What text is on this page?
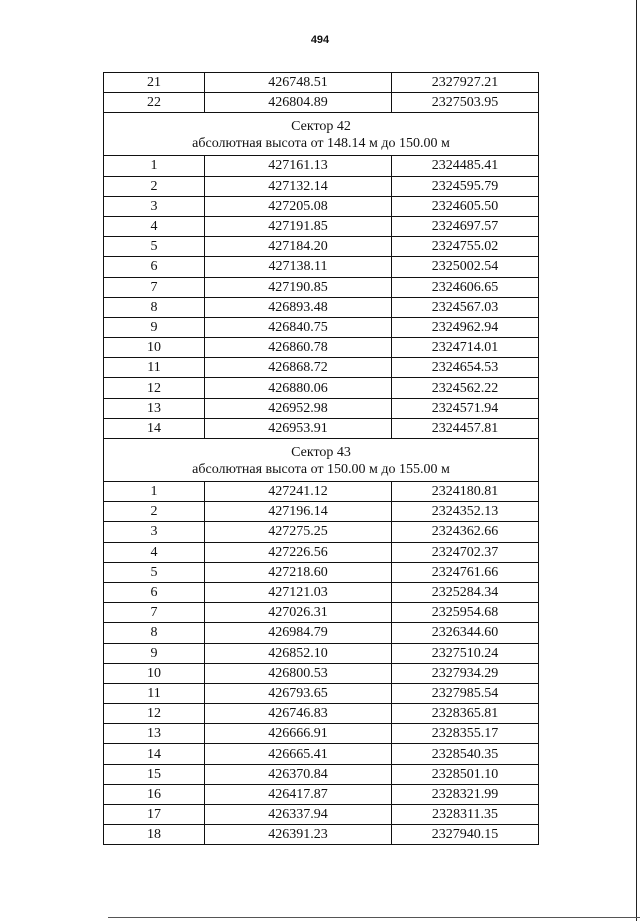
494
21	426748.51	2327927.21
22	426804.89	2327503.95

Сектор 42
абсолютная высота от 148.14 м до 150.00 м		

1	427161.13	2324485.41
2	427132.14	2324595.79
3	427205.08	2324605.50
4	427191.85	2324697.57
5	427184.20	2324755.02
6	427138.11	2325002.54
7	427190.85	2324606.65
8	426893.48	2324567.03
9	426840.75	2324962.94
10	426860.78	2324714.01
11	426868.72	2324654.53
12	426880.06	2324562.22
13	426952.98	2324571.94
14	426953.91	2324457.81

Сектор 43
абсолютная высота от 150.00 м до 155.00 м		

1	427241.12	2324180.81
2	427196.14	2324352.13
3	427275.25	2324362.66
4	427226.56	2324702.37
5	427218.60	2324761.66
6	427121.03	2325284.34
7	427026.31	2325954.68
8	426984.79	2326344.60
9	426852.10	2327510.24
10	426800.53	2327934.29
11	426793.65	2327985.54
12	426746.83	2328365.81
13	426666.91	2328355.17
14	426665.41	2328540.35
15	426370.84	2328501.10
16	426417.87	2328321.99
17	426337.94	2328311.35
18	426391.23	2327940.15
